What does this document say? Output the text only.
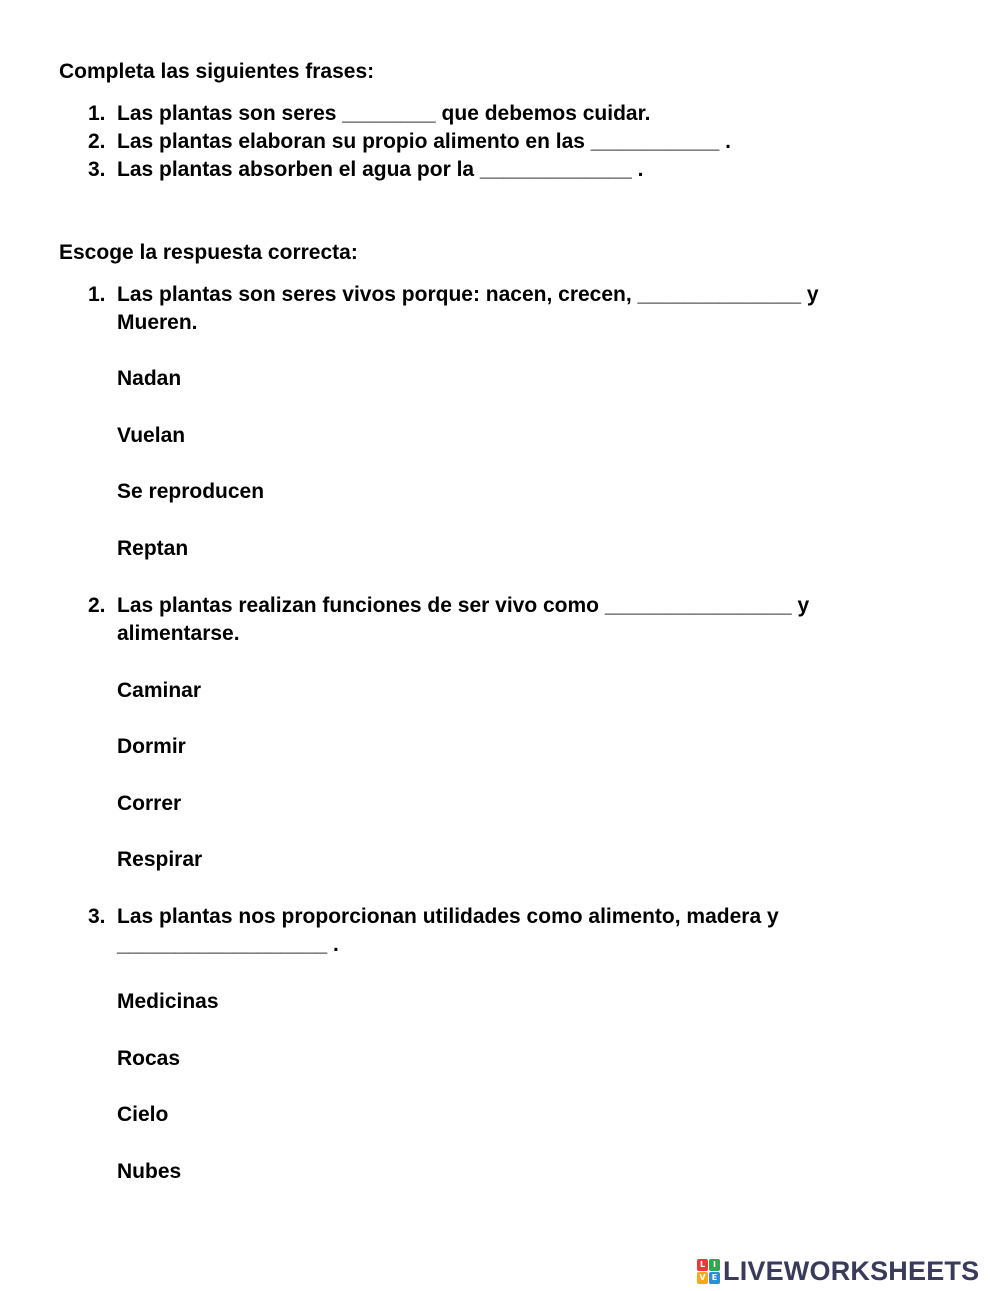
Completa las siguientes frases:
1. Las plantas son seres ________ que debemos cuidar.
2. Las plantas elaboran su propio alimento en las ___________ .
3. Las plantas absorben el agua por la _____________ .
Escoge la respuesta correcta:
1. Las plantas son seres vivos porque: nacen, crecen, ______________ y
Mueren.
Nadan
Vuelan
Se reproducen
Reptan
2. Las plantas realizan funciones de ser vivo como ________________ y
alimentarse.
Caminar
Dormir
Correr
Respirar
3. Las plantas nos proporcionan utilidades como alimento, madera y
__________________ .
Medicinas
Rocas
Cielo
Nubes
L I
V E LIVEWORKSHEETS
